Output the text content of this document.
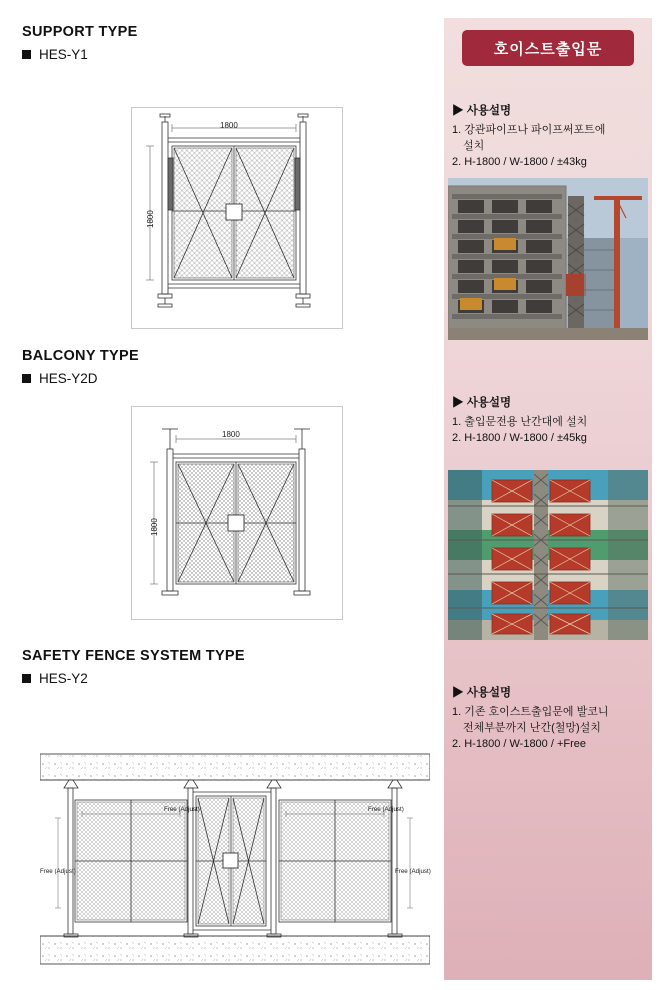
SUPPORT TYPE
HES-Y1
1800
1800
BALCONY TYPE
HES-Y2D
1800
1800
SAFETY FENCE SYSTEM TYPE
HES-Y2
Free (Adjust)	Free (Adjust)
Free (Adjust)	Free (Adjust)
호이스트출입문
▶ 사용설명
1. 강관파이프나 파이프써포트에
설치
2. H-1800 / W-1800 / ±43kg
▶ 사용설명
1. 출입문전용 난간대에 설치
2. H-1800 / W-1800 / ±45kg
▶ 사용설명
1. 기존 호이스트출입문에 발코니
전체부분까지 난간(철망)설치
2. H-1800 / W-1800 / +Free
